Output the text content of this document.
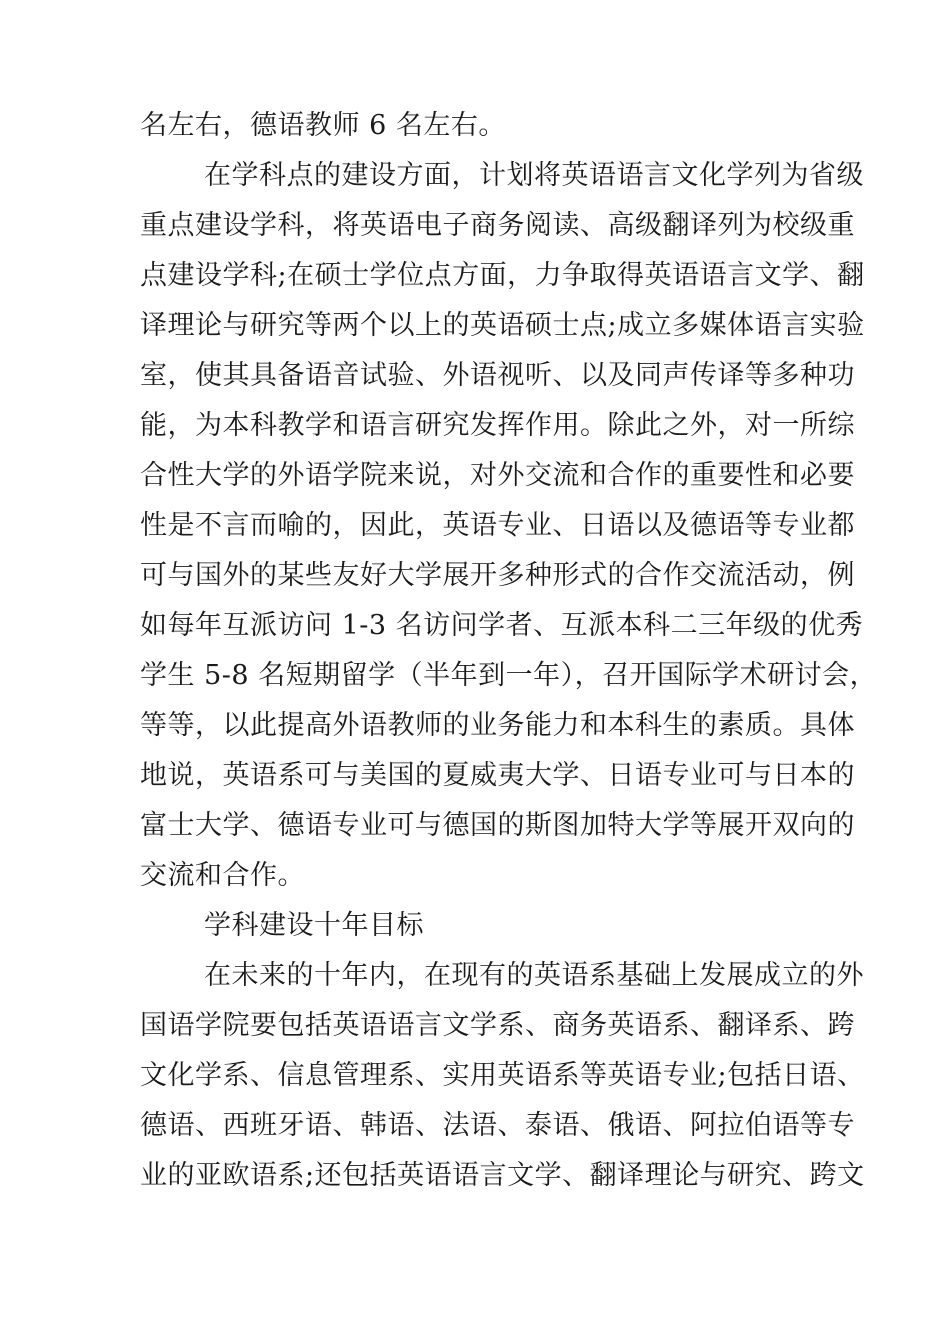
名左右，德语教师 6 名左右。
在学科点的建设方面，计划将英语语言文化学列为省级
重点建设学科，将英语电子商务阅读、高级翻译列为校级重
点建设学科;在硕士学位点方面，力争取得英语语言文学、翻
译理论与研究等两个以上的英语硕士点;成立多媒体语言实验
室，使其具备语音试验、外语视听、以及同声传译等多种功
能，为本科教学和语言研究发挥作用。除此之外，对一所综
合性大学的外语学院来说，对外交流和合作的重要性和必要
性是不言而喻的，因此，英语专业、日语以及德语等专业都
可与国外的某些友好大学展开多种形式的合作交流活动，例
如每年互派访问 1-3 名访问学者、互派本科二三年级的优秀
学生 5-8 名短期留学（半年到一年），召开国际学术研讨会，
等等，以此提高外语教师的业务能力和本科生的素质。具体
地说，英语系可与美国的夏威夷大学、日语专业可与日本的
富士大学、德语专业可与德国的斯图加特大学等展开双向的
交流和合作。
学科建设十年目标
在未来的十年内，在现有的英语系基础上发展成立的外
国语学院要包括英语语言文学系、商务英语系、翻译系、跨
文化学系、信息管理系、实用英语系等英语专业;包括日语、
德语、西班牙语、韩语、法语、泰语、俄语、阿拉伯语等专
业的亚欧语系;还包括英语语言文学、翻译理论与研究、跨文
